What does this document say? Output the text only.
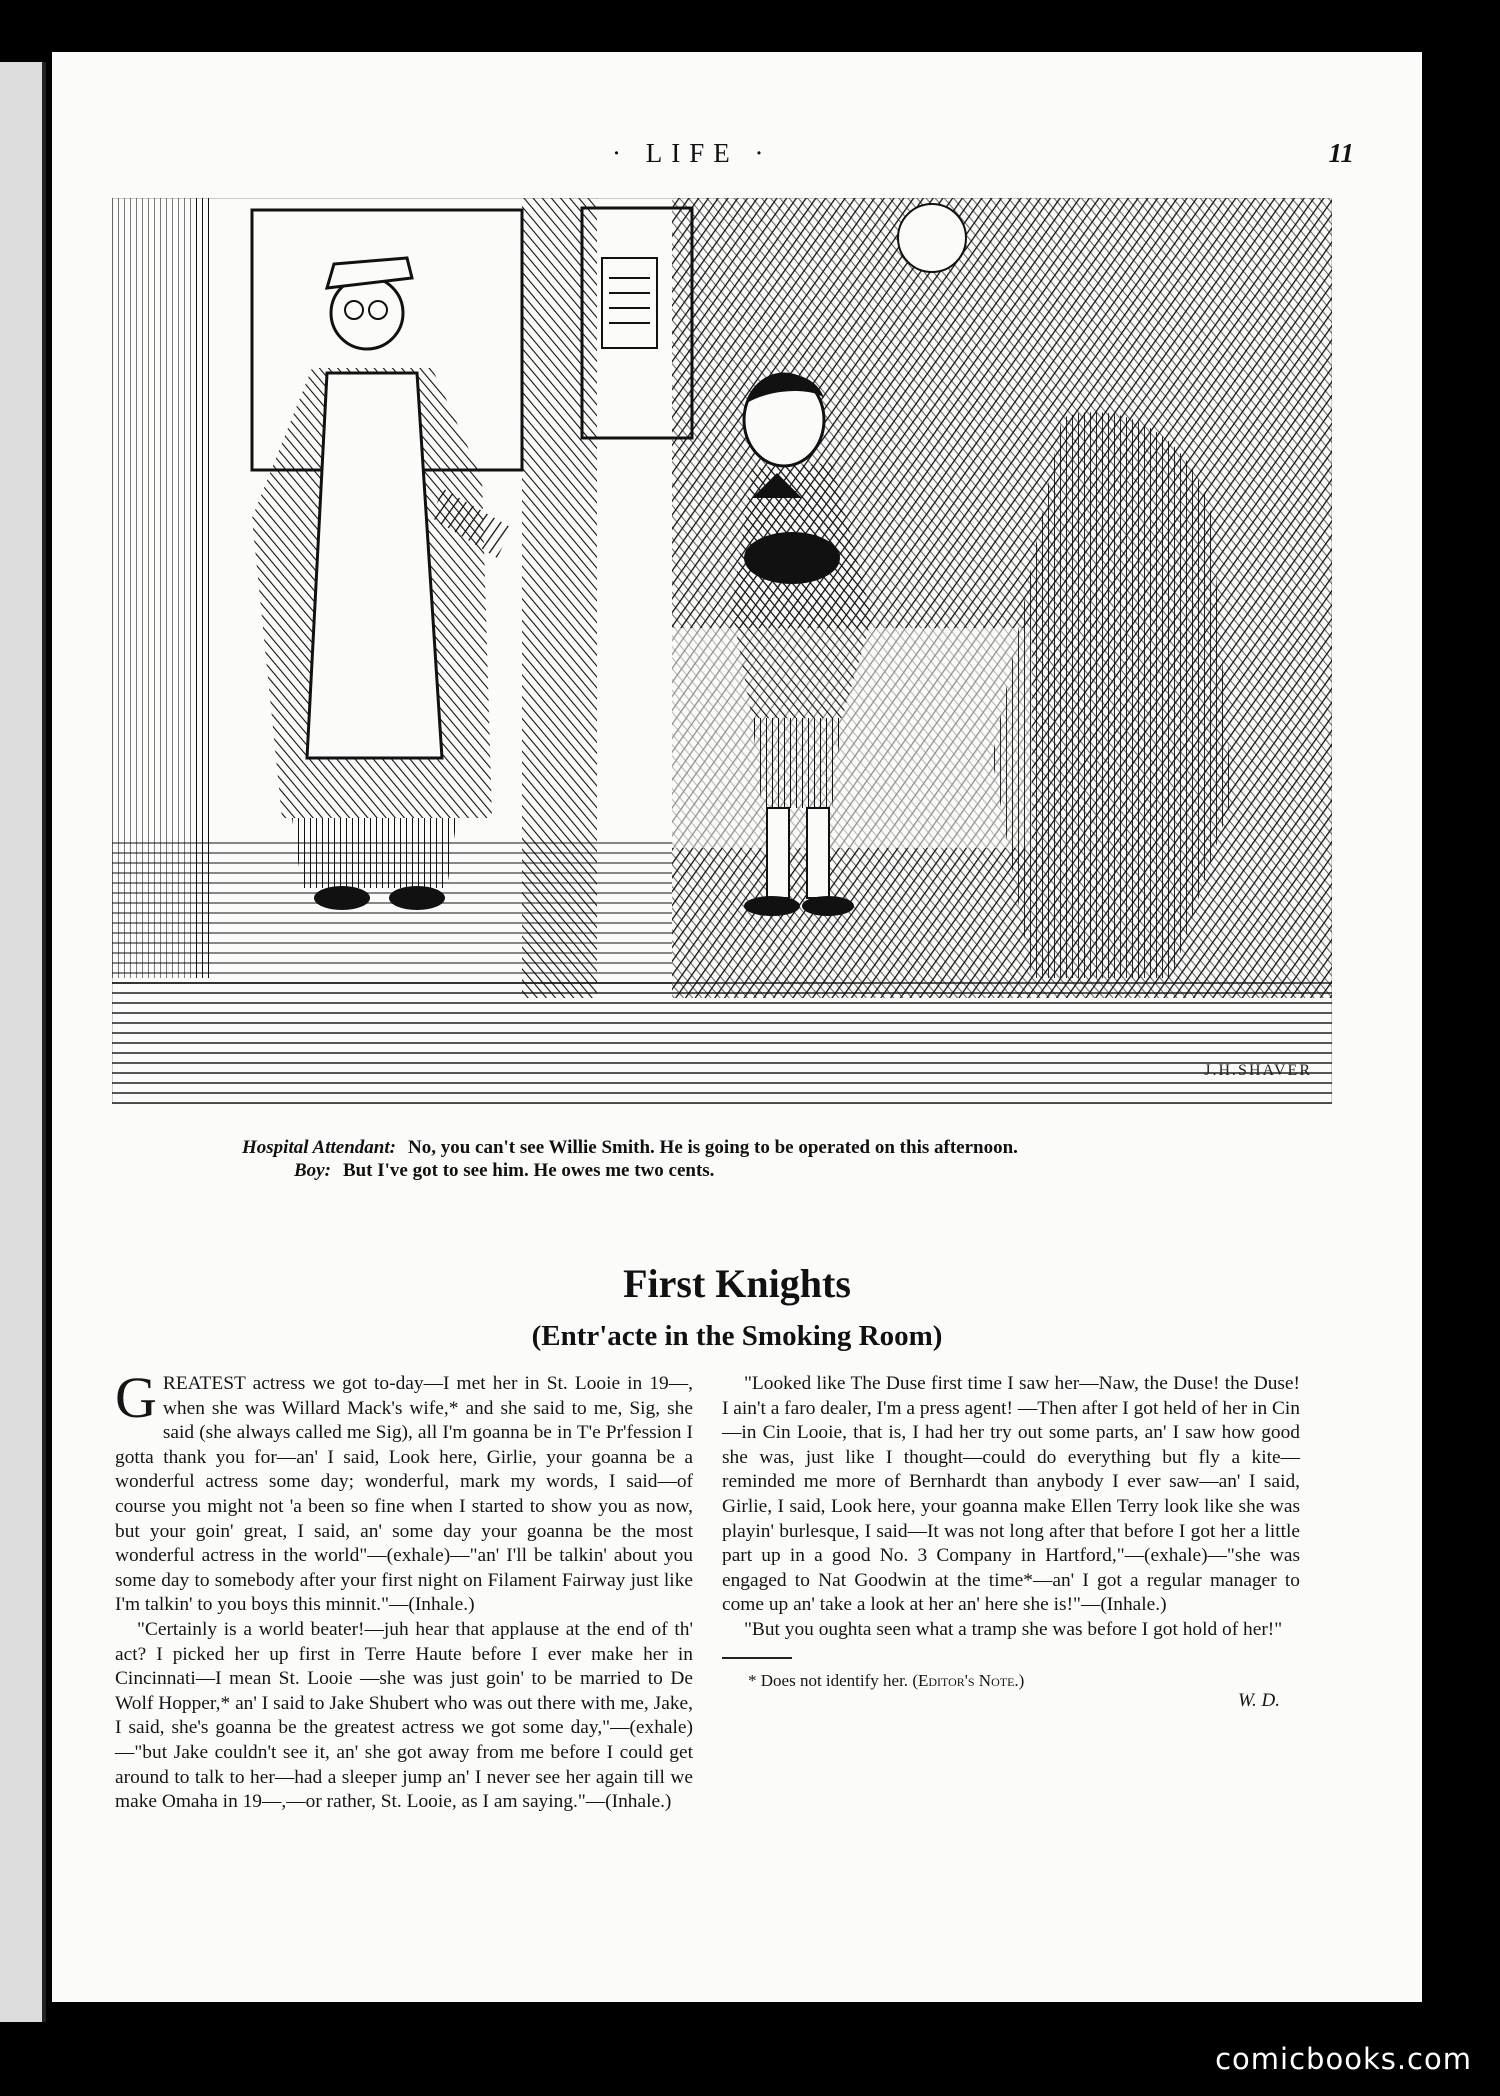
· LIFE ·	11
J.H.SHAVER
Hospital Attendant: No, you can't see Willie Smith. He is going to be operated on this afternoon.
Boy: But I've got to see him. He owes me two cents.
First Knights
(Entr'acte in the Smoking Room)

GREATEST actress we got to-day—I met her in St. Looie in 19—, when she was Willard Mack's wife,* and she said to me, Sig, she said (she always called me Sig), all I'm goanna be in T'e Pr'fession I gotta thank you for—an' I said, Look here, Girlie, your goanna be a wonderful actress some day; wonderful, mark my words, I said—of course you might not 'a been so fine when I started to show you as now, but your goin' great, I said, an' some day your goanna be the most wonderful actress in the world"—(exhale)—"an' I'll be talkin' about you some day to somebody after your first night on Filament Fairway just like I'm talkin' to you boys this minnit."—(Inhale.)

"Certainly is a world beater!—juh hear that applause at the end of th' act? I picked her up first in Terre Haute before I ever make her in Cincinnati—I mean St. Looie —she was just goin' to be married to De Wolf Hopper,* an' I said to Jake Shubert who was out there with me, Jake, I said, she's goanna be the greatest actress we got some day,"—(exhale)—"but Jake couldn't see it, an' she got away from me before I could get around to talk to her—had a sleeper jump an' I never see her again till we make Omaha in 19—,—or rather, St. Looie, as I am saying."—(Inhale.)

"Looked like The Duse first time I saw her—Naw, the Duse! the Duse! I ain't a faro dealer, I'm a press agent! —Then after I got held of her in Cin—in Cin Looie, that is, I had her try out some parts, an' I saw how good she was, just like I thought—could do everything but fly a kite—reminded me more of Bernhardt than anybody I ever saw—an' I said, Girlie, I said, Look here, your goanna make Ellen Terry look like she was playin' burlesque, I said—It was not long after that before I got her a little part up in a good No. 3 Company in Hartford,"—(exhale)—"she was engaged to Nat Goodwin at the time*—an' I got a regular manager to come up an' take a look at her an' here she is!"—(Inhale.)

"But you oughta seen what a tramp she was before I got hold of her!"

* Does not identify her. (Editor's Note.)
W. D.
comicbooks.com
